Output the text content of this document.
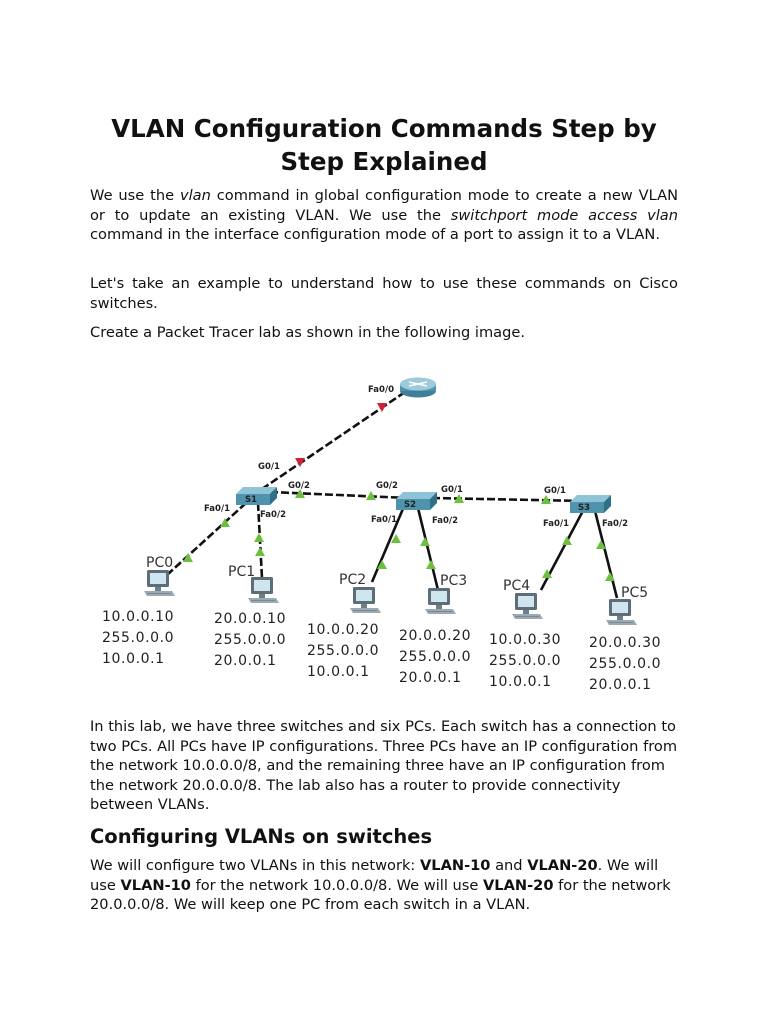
VLAN Configuration Commands Step by Step Explained

We use the vlan command in global configuration mode to create a new VLAN or to update an existing VLAN. We use the switchport mode access vlan command in the interface configuration mode of a port to assign it to a VLAN.

Let's take an example to understand how to use these commands on Cisco switches.

Create a Packet Tracer lab as shown in the following image.

Fa0/0
S1	S2	S3
G0/1
G0/2
Fa0/1
Fa0/2
G0/2	G0/1
Fa0/1	Fa0/2
G0/1
Fa0/1	Fa0/2
PC0
PC1	PC2	PC3	PC4	PC5
10.0.0.10
255.0.0.0
10.0.0.1
20.0.0.10
255.0.0.0
20.0.0.1
10.0.0.20
255.0.0.0
10.0.0.1
20.0.0.20
255.0.0.0
20.0.0.1
10.0.0.30
255.0.0.0
10.0.0.1
20.0.0.30
255.0.0.0
20.0.0.1

In this lab, we have three switches and six PCs. Each switch has a connection to two PCs. All PCs have IP configurations. Three PCs have an IP configuration from the network 10.0.0.0/8, and the remaining three have an IP configuration from the network 20.0.0.0/8. The lab also has a router to provide connectivity between VLANs.

Configuring VLANs on switches

We will configure two VLANs in this network: VLAN-10 and VLAN-20. We will use VLAN-10 for the network 10.0.0.0/8. We will use VLAN-20 for the network 20.0.0.0/8. We will keep one PC from each switch in a VLAN.
